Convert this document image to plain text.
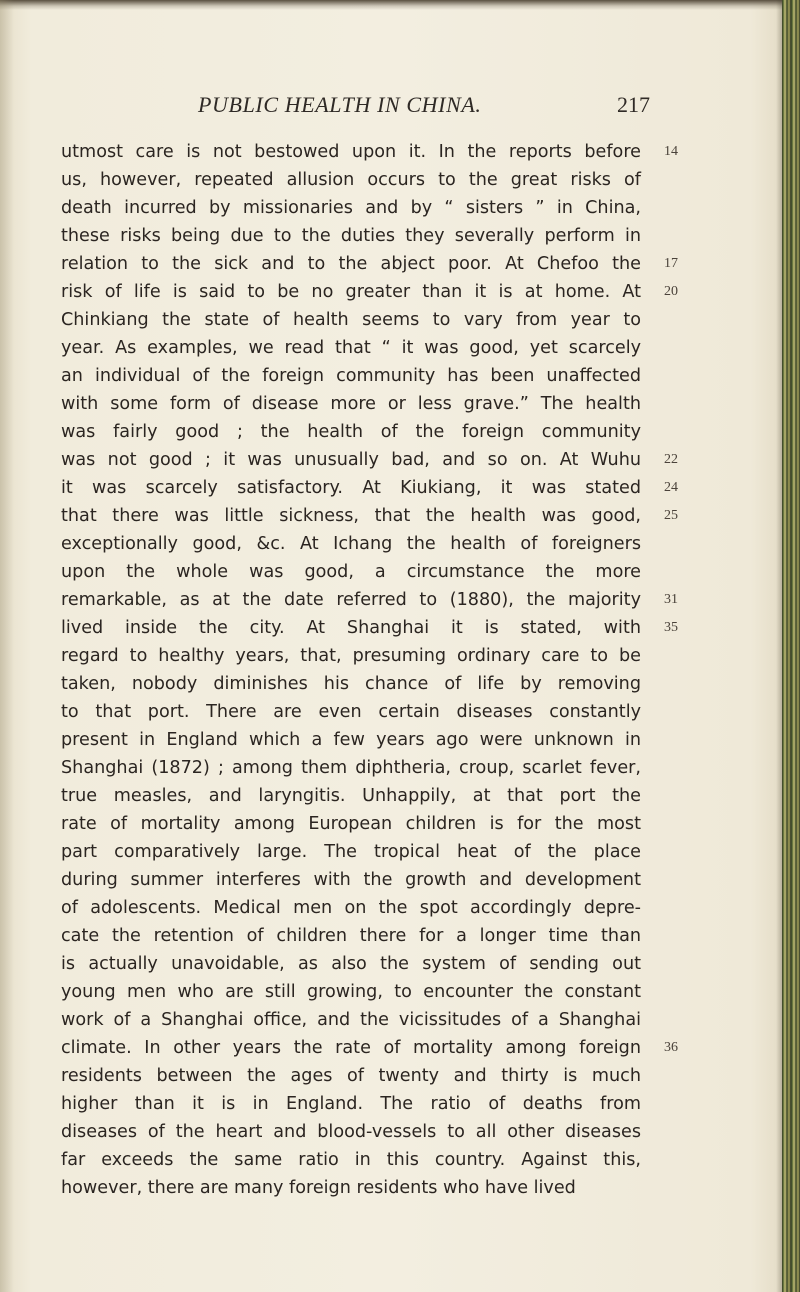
PUBLIC HEALTH IN CHINA.	217
utmost care is not bestowed upon it. In the reports before
us, however, repeated allusion occurs to the great risks of
death incurred by missionaries and by “ sisters ” in China,
these risks being due to the duties they severally perform in
relation to the sick and to the abject poor. At Chefoo the
risk of life is said to be no greater than it is at home. At
Chinkiang the state of health seems to vary from year to
year. As examples, we read that “ it was good, yet scarcely
an individual of the foreign community has been unaffected
with some form of disease more or less grave.” The health
was fairly good ; the health of the foreign community
was not good ; it was unusually bad, and so on. At Wuhu
it was scarcely satisfactory. At Kiukiang, it was stated
that there was little sickness, that the health was good,
exceptionally good, &c. At Ichang the health of foreigners
upon the whole was good, a circumstance the more
remarkable, as at the date referred to (1880), the majority
lived inside the city. At Shanghai it is stated, with
regard to healthy years, that, presuming ordinary care to be
taken, nobody diminishes his chance of life by removing
to that port. There are even certain diseases constantly
present in England which a few years ago were unknown in
Shanghai (1872) ; among them diphtheria, croup, scarlet fever,
true measles, and laryngitis. Unhappily, at that port the
rate of mortality among European children is for the most
part comparatively large. The tropical heat of the place
during summer interferes with the growth and development
of adolescents. Medical men on the spot accordingly depre-
cate the retention of children there for a longer time than
is actually unavoidable, as also the system of sending out
young men who are still growing, to encounter the constant
work of a Shanghai office, and the vicissitudes of a Shanghai
climate. In other years the rate of mortality among foreign
residents between the ages of twenty and thirty is much
higher than it is in England. The ratio of deaths from
diseases of the heart and blood-vessels to all other diseases
far exceeds the same ratio in this country. Against this,
however, there are many foreign residents who have lived
14
17
20
22
24
25
31
35
36
